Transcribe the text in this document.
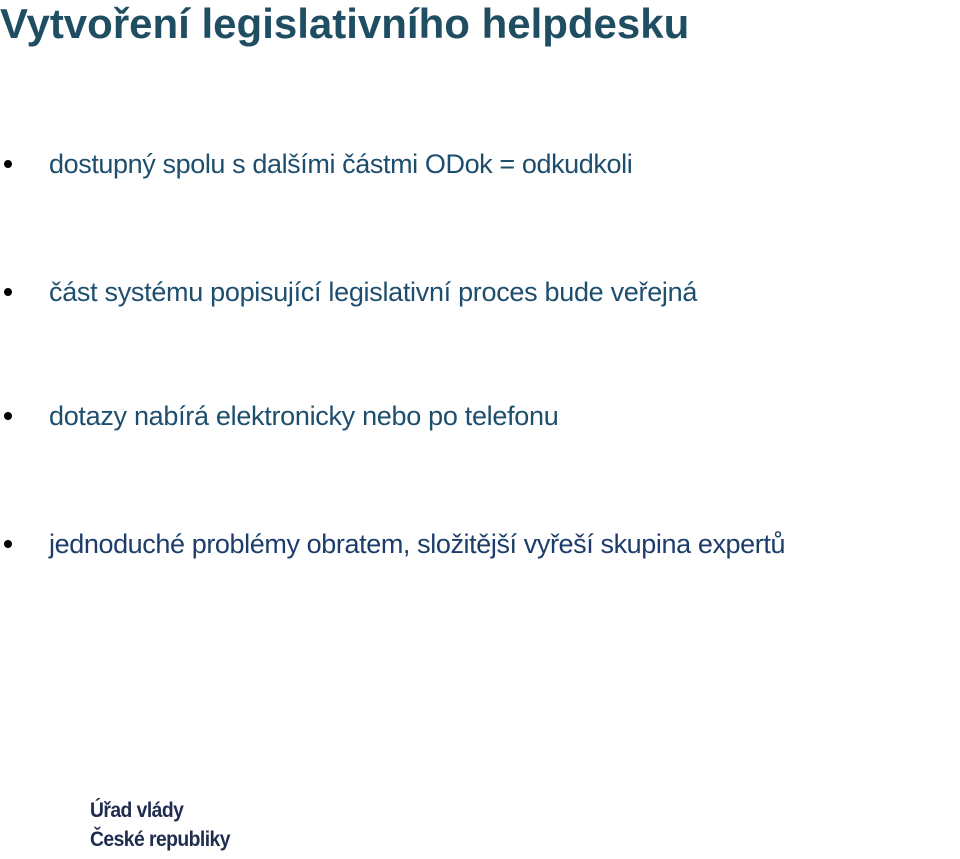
Vytvoření legislativního helpdesku
dostupný spolu s dalšími částmi ODok = odkudkoli
část systému popisující legislativní proces bude veřejná
dotazy nabírá elektronicky nebo po telefonu
jednoduché problémy obratem, složitější vyřeší skupina expertů
Úřad vlády
České republiky
